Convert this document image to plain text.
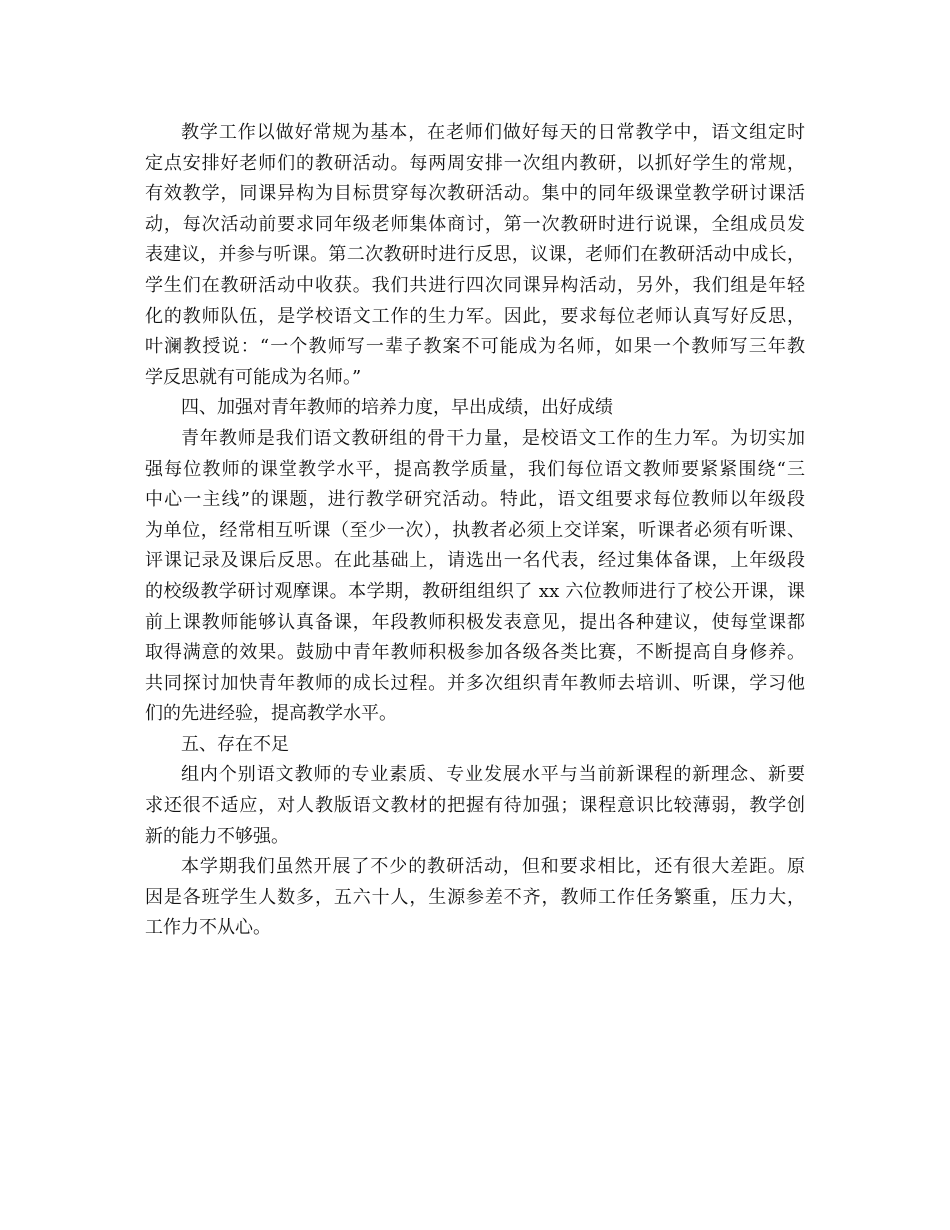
教学工作以做好常规为基本，在老师们做好每天的日常教学中，语文组定时
定点安排好老师们的教研活动。每两周安排一次组内教研，以抓好学生的常规，
有效教学，同课异构为目标贯穿每次教研活动。集中的同年级课堂教学研讨课活
动，每次活动前要求同年级老师集体商讨，第一次教研时进行说课，全组成员发
表建议，并参与听课。第二次教研时进行反思，议课，老师们在教研活动中成长，
学生们在教研活动中收获。我们共进行四次同课异构活动，另外，我们组是年轻
化的教师队伍，是学校语文工作的生力军。因此，要求每位老师认真写好反思，
叶澜教授说：“一个教师写一辈子教案不可能成为名师，如果一个教师写三年教
学反思就有可能成为名师。”
四、加强对青年教师的培养力度，早出成绩，出好成绩
青年教师是我们语文教研组的骨干力量，是校语文工作的生力军。为切实加
强每位教师的课堂教学水平，提高教学质量，我们每位语文教师要紧紧围绕“三
中心一主线”的课题，进行教学研究活动。特此，语文组要求每位教师以年级段
为单位，经常相互听课（至少一次），执教者必须上交详案，听课者必须有听课、
评课记录及课后反思。在此基础上，请选出一名代表，经过集体备课，上年级段
的校级教学研讨观摩课。本学期，教研组组织了 xx 六位教师进行了校公开课，课
前上课教师能够认真备课，年段教师积极发表意见，提出各种建议，使每堂课都
取得满意的效果。鼓励中青年教师积极参加各级各类比赛，不断提高自身修养。
共同探讨加快青年教师的成长过程。并多次组织青年教师去培训、听课，学习他
们的先进经验，提高教学水平。
五、存在不足
组内个别语文教师的专业素质、专业发展水平与当前新课程的新理念、新要
求还很不适应，对人教版语文教材的把握有待加强；课程意识比较薄弱，教学创
新的能力不够强。
本学期我们虽然开展了不少的教研活动，但和要求相比，还有很大差距。原
因是各班学生人数多，五六十人，生源参差不齐，教师工作任务繁重，压力大，
工作力不从心。
